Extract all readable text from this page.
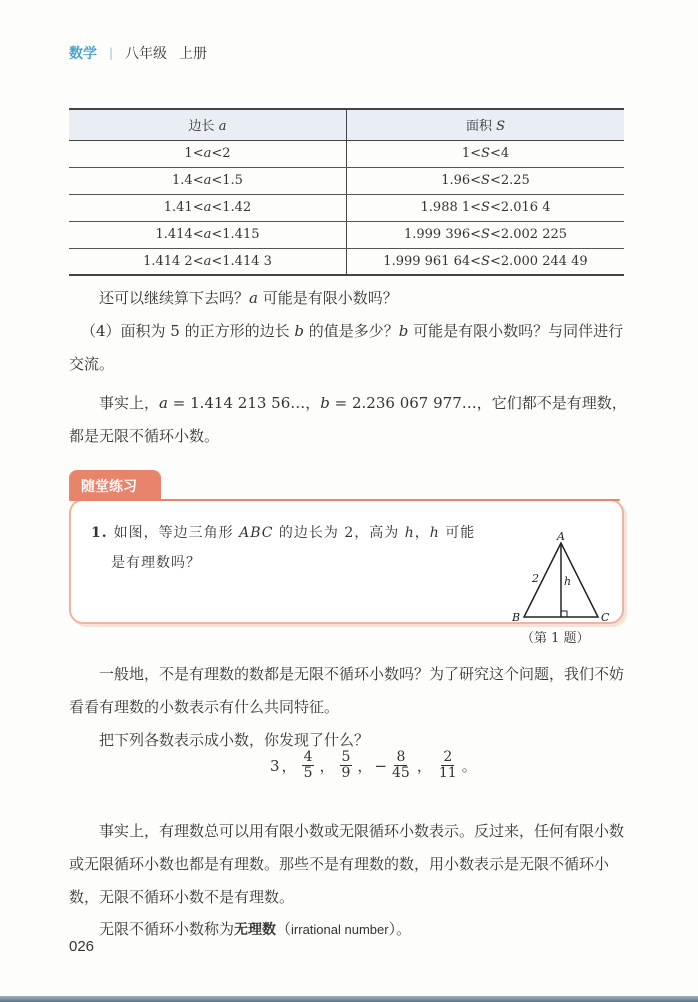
数学 | 八年级 上册
边长 a	面积 S
1<a<2	1<S<4
1.4<a<1.5	1.96<S<2.25
1.41<a<1.42	1.988 1<S<2.016 4
1.414<a<1.415	1.999 396<S<2.002 225
1.414 2<a<1.414 3	1.999 961 64<S<2.000 244 49

还可以继续算下去吗？a 可能是有限小数吗？

（4）面积为 5 的正方形的边长 b 的值是多少？b 可能是有限小数吗？与同伴进行交流。

事实上，a = 1.414 213 56…，b = 2.236 067 977…，它们都不是有理数，都是无限不循环小数。

随堂练习
1. 如图，等边三角形 ABC 的边长为 2，高为 h，h 可能
是有理数吗？
A
B	C
2 h
（第 1 题）

一般地，不是有理数的数都是无限不循环小数吗？为了研究这个问题，我们不妨看看有理数的小数表示有什么共同特征。

把下列各数表示成小数，你发现了什么？

3 ， $\frac{4}{5}$ ， $\frac{5}{9}$ ， − $\frac{8}{45}$ ， $\frac{2}{11}$ 。

事实上，有理数总可以用有限小数或无限循环小数表示。反过来，任何有限小数或无限循环小数也都是有理数。那些不是有理数的数，用小数表示是无限不循环小数，无限不循环小数不是有理数。

无限不循环小数称为无理数（irrational number）。

026
